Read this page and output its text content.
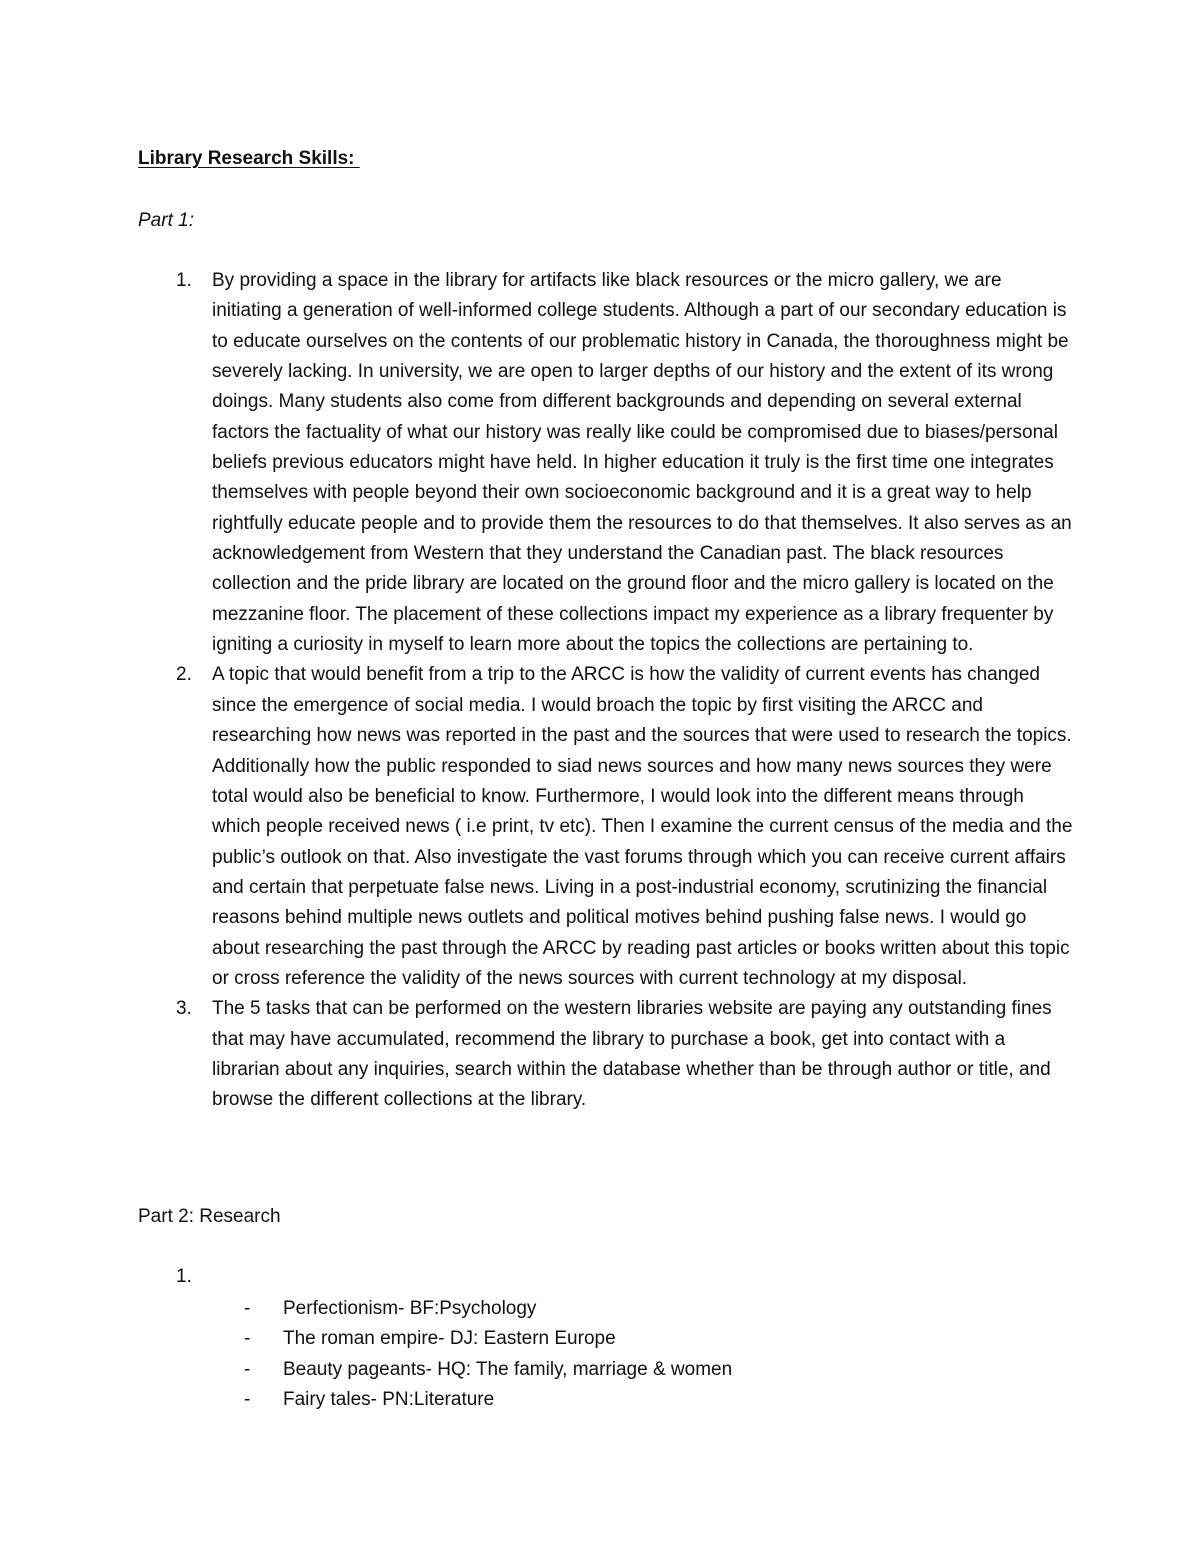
Library Research Skills:

Part 1:

1. By providing a space in the library for artifacts like black resources or the micro gallery, we are initiating a generation of well-informed college students. Although a part of our secondary education is to educate ourselves on the contents of our problematic history in Canada, the thoroughness might be severely lacking. In university, we are open to larger depths of our history and the extent of its wrong doings. Many students also come from different backgrounds and depending on several external factors the factuality of what our history was really like could be compromised due to biases/personal beliefs previous educators might have held. In higher education it truly is the first time one integrates themselves with people beyond their own socioeconomic background and it is a great way to help rightfully educate people and to provide them the resources to do that themselves. It also serves as an acknowledgement from Western that they understand the Canadian past. The black resources collection and the pride library are located on the ground floor and the micro gallery is located on the mezzanine floor. The placement of these collections impact my experience as a library frequenter by igniting a curiosity in myself to learn more about the topics the collections are pertaining to.
2. A topic that would benefit from a trip to the ARCC is how the validity of current events has changed since the emergence of social media. I would broach the topic by first visiting the ARCC and researching how news was reported in the past and the sources that were used to research the topics. Additionally how the public responded to siad news sources and how many news sources they were total would also be beneficial to know. Furthermore, I would look into the different means through which people received news ( i.e print, tv etc). Then I examine the current census of the media and the public’s outlook on that. Also investigate the vast forums through which you can receive current affairs and certain that perpetuate false news. Living in a post-industrial economy, scrutinizing the financial reasons behind multiple news outlets and political motives behind pushing false news. I would go about researching the past through the ARCC by reading past articles or books written about this topic or cross reference the validity of the news sources with current technology at my disposal.
3. The 5 tasks that can be performed on the western libraries website are paying any outstanding fines that may have accumulated, recommend the library to purchase a book, get into contact with a librarian about any inquiries, search within the database whether than be through author or title, and browse the different collections at the library.

Part 2: Research

1.
- Perfectionism- BF:Psychology
- The roman empire- DJ: Eastern Europe
- Beauty pageants- HQ: The family, marriage & women
- Fairy tales- PN:Literature
